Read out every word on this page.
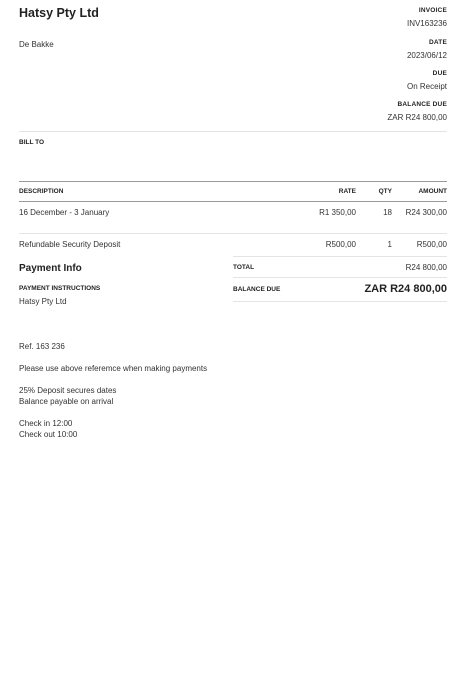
Hatsy Pty Ltd
De Bakke
INVOICE
INV163236
DATE
2023/06/12
DUE
On Receipt
BALANCE DUE
ZAR R24 800,00
BILL TO
DESCRIPTION	RATE	QTY	AMOUNT
16 December - 3 January	R1 350,00	18 R24 300,00
Refundable Security Deposit	R500,00	1	R500,00
Payment Info
PAYMENT INSTRUCTIONS
Hatsy Pty Ltd
TOTAL	R24 800,00
BALANCE DUE	ZAR R24 800,00
Ref. 163 236
Please use above referemce when making payments
25% Deposit secures dates
Balance payable on arrival
Check in 12:00
Check out 10:00
